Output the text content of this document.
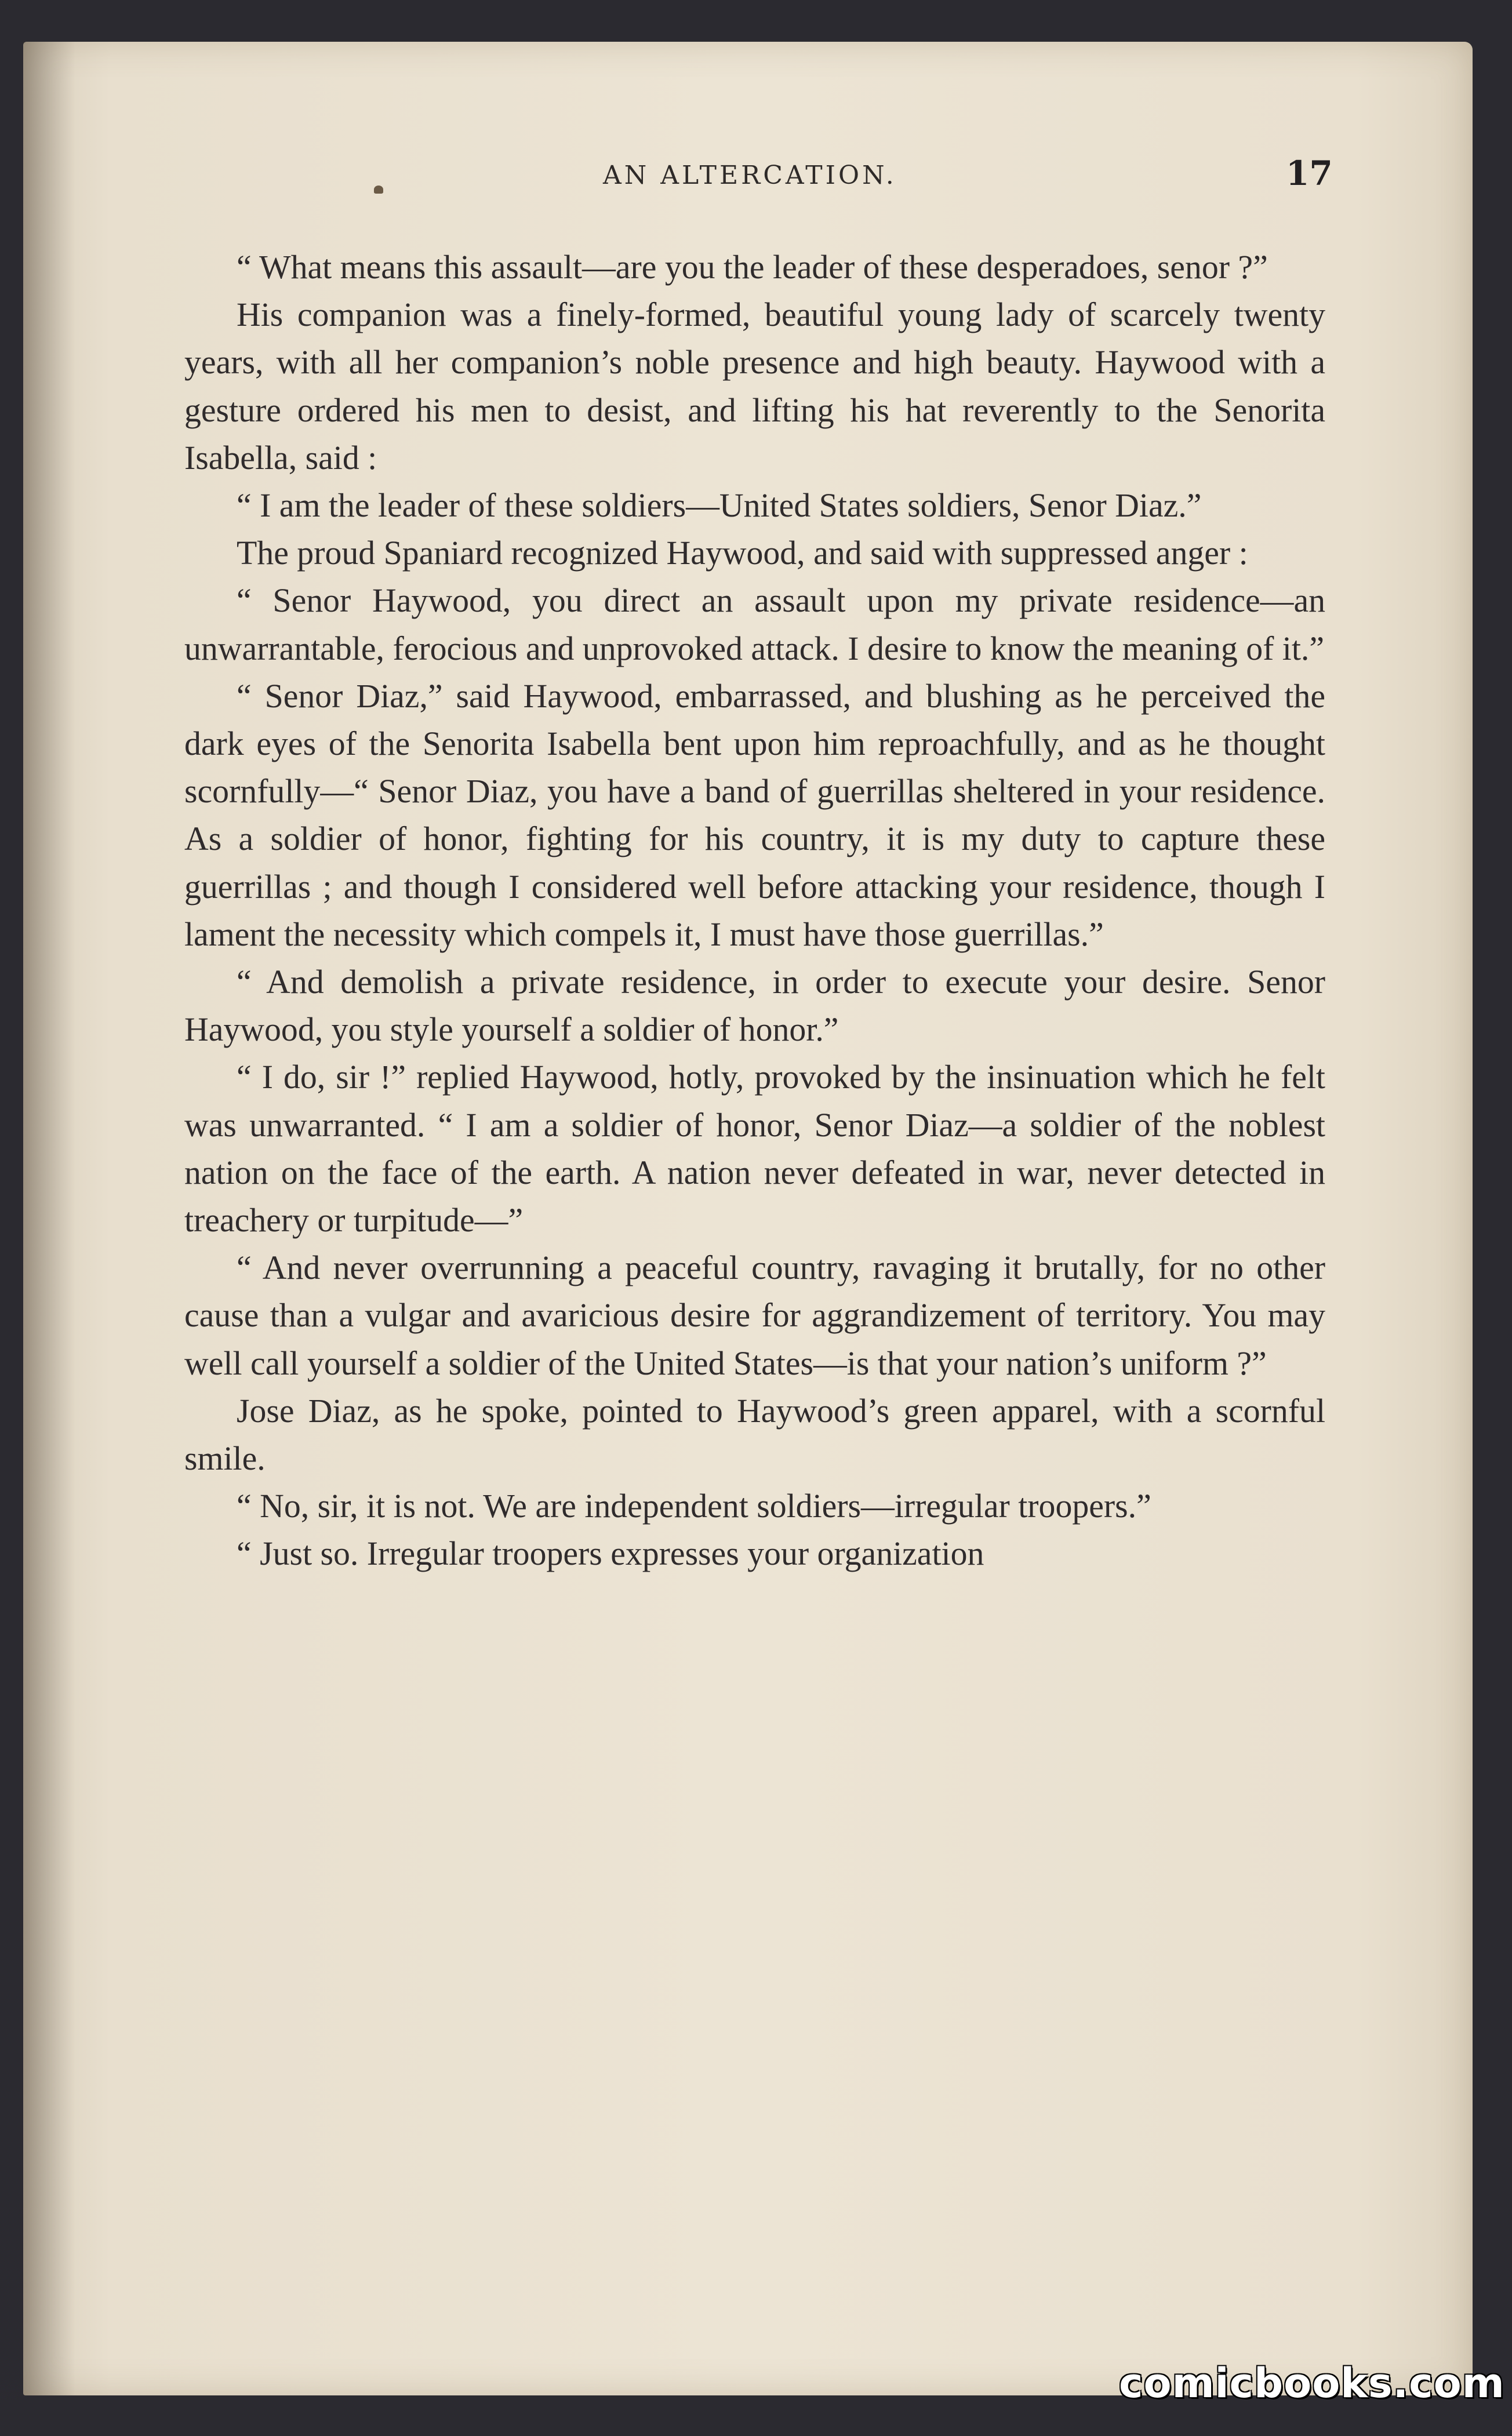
AN ALTERCATION.	17

“ What means this assault—are you the leader of these desperadoes, senor ?”

His companion was a finely-formed, beautiful young lady of scarcely twenty years, with all her companion’s noble presence and high beauty. Haywood with a gesture ordered his men to desist, and lifting his hat reverently to the Senorita Isabella, said :

“ I am the leader of these soldiers—United States soldiers, Senor Diaz.”

The proud Spaniard recognized Haywood, and said with suppressed anger :

“ Senor Haywood, you direct an assault upon my private residence—an unwarrantable, ferocious and unprovoked attack. I desire to know the meaning of it.”

“ Senor Diaz,” said Haywood, embarrassed, and blushing as he perceived the dark eyes of the Senorita Isabella bent upon him reproachfully, and as he thought scornfully—“ Senor Diaz, you have a band of guerrillas sheltered in your residence. As a soldier of honor, fighting for his country, it is my duty to capture these guerrillas ; and though I considered well before attacking your residence, though I lament the necessity which compels it, I must have those guerrillas.”

“ And demolish a private residence, in order to execute your desire. Senor Haywood, you style yourself a soldier of honor.”

“ I do, sir !” replied Haywood, hotly, provoked by the insinuation which he felt was unwarranted. “ I am a soldier of honor, Senor Diaz—a soldier of the noblest nation on the face of the earth. A nation never defeated in war, never detected in treachery or turpitude—”

“ And never overrunning a peaceful country, ravaging it brutally, for no other cause than a vulgar and avaricious desire for aggrandizement of territory. You may well call yourself a soldier of the United States—is that your nation’s uniform ?”

Jose Diaz, as he spoke, pointed to Haywood’s green apparel, with a scornful smile.

“ No, sir, it is not. We are independent soldiers—irregular troopers.”

“ Just so. Irregular troopers expresses your organization

comicbooks.com
